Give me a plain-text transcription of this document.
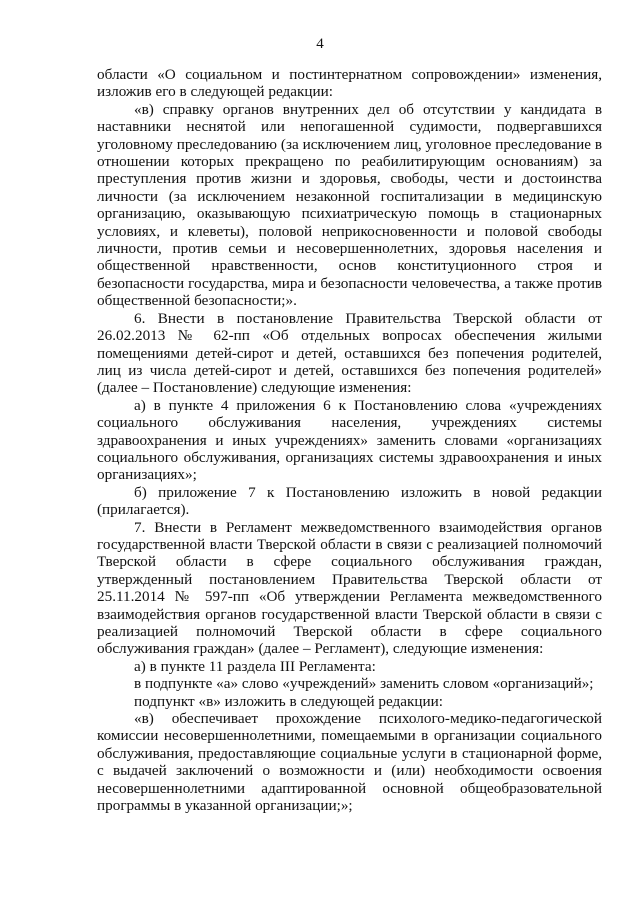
4

области «О социальном и постинтернатном сопровождении» изменения, изложив его в следующей редакции:

«в) справку органов внутренних дел об отсутствии у кандидата в наставники неснятой или непогашенной судимости, подвергавшихся уголовному преследованию (за исключением лиц, уголовное преследование в отношении которых прекращено по реабилитирующим основаниям) за преступления против жизни и здоровья, свободы, чести и достоинства личности (за исключением незаконной госпитализации в медицинскую организацию, оказывающую психиатрическую помощь в стационарных условиях, и клеветы), половой неприкосновенности и половой свободы личности, против семьи и несовершеннолетних, здоровья населения и общественной нравственности, основ конституционного строя и безопасности государства, мира и безопасности человечества, а также против общественной безопасности;».

6. Внести в постановление Правительства Тверской области от 26.02.2013 № 62-пп «Об отдельных вопросах обеспечения жилыми помещениями детей-сирот и детей, оставшихся без попечения родителей, лиц из числа детей-сирот и детей, оставшихся без попечения родителей» (далее – Постановление) следующие изменения:

а) в пункте 4 приложения 6 к Постановлению слова «учреждениях социального обслуживания населения, учреждениях системы здравоохранения и иных учреждениях» заменить словами «организациях социального обслуживания, организациях системы здравоохранения и иных организациях»;

б) приложение 7 к Постановлению изложить в новой редакции (прилагается).

7. Внести в Регламент межведомственного взаимодействия органов государственной власти Тверской области в связи с реализацией полномочий Тверской области в сфере социального обслуживания граждан, утвержденный постановлением Правительства Тверской области от 25.11.2014 № 597-пп «Об утверждении Регламента межведомственного взаимодействия органов государственной власти Тверской области в связи с реализацией полномочий Тверской области в сфере социального обслуживания граждан» (далее – Регламент), следующие изменения:

а) в пункте 11 раздела III Регламента:

в подпункте «а» слово «учреждений» заменить словом «организаций»;

подпункт «в» изложить в следующей редакции:

«в) обеспечивает прохождение психолого-медико-педагогической комиссии несовершеннолетними, помещаемыми в организации социального обслуживания, предоставляющие социальные услуги в стационарной форме, с выдачей заключений о возможности и (или) необходимости освоения несовершеннолетними адаптированной основной общеобразовательной программы в указанной организации;»;
